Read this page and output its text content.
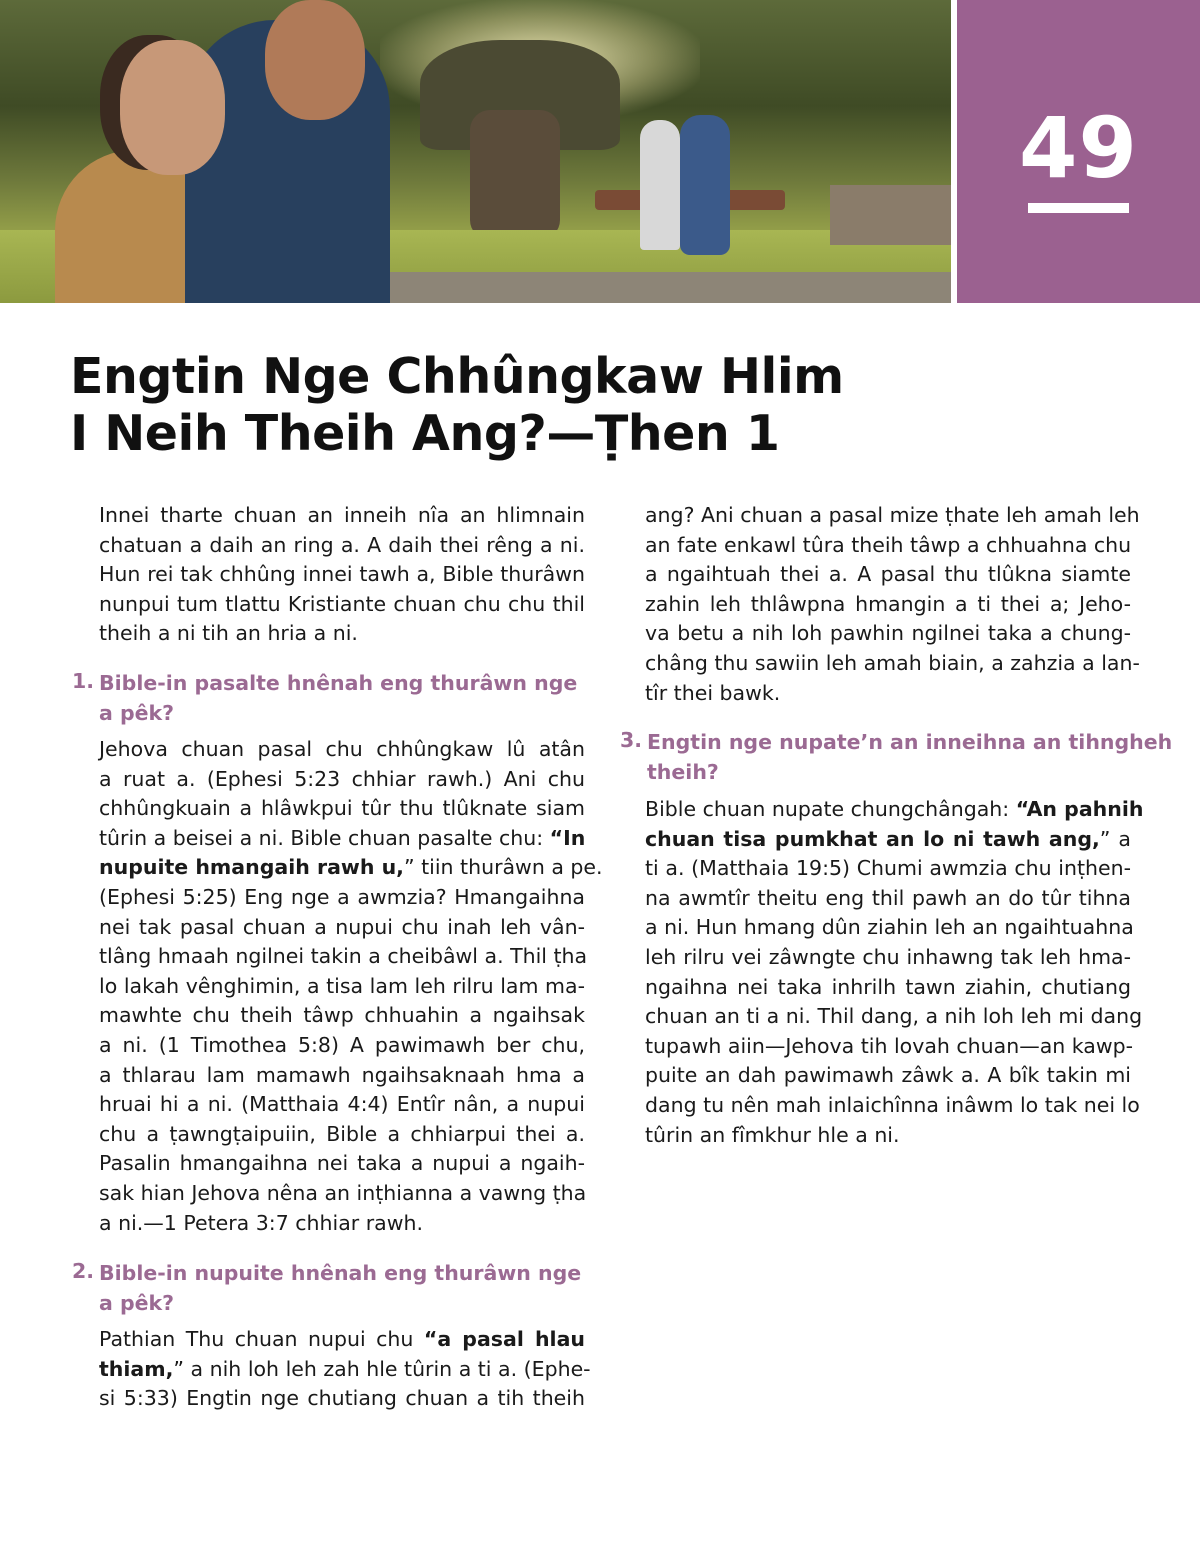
49
Engtin Nge Chhûngkaw Hlim
I Neih Theih Ang?—Ṭhen 1
Innei tharte chuan an inneih nîa an hlimnain
chatuan a daih an ring a. A daih thei rêng a ni.
Hun rei tak chhûng innei tawh a, Bible thurâwn
nunpui tum tlattu Kristiante chuan chu chu thil
theih a ni tih an hria a ni.
1. Bible-in pasalte hnênah eng thurâwn nge
a pêk?
Jehova chuan pasal chu chhûngkaw lû atân
a ruat a. (Ephesi 5:23 chhiar rawh.) Ani chu
chhûngkuain a hlâwkpui tûr thu tlûknate siam
tûrin a beisei a ni. Bible chuan pasalte chu: “In
nupuite hmangaih rawh u,” tiin thurâwn a pe.
(Ephesi 5:25) Eng nge a awmzia? Hmangaihna
nei tak pasal chuan a nupui chu inah leh vân-
tlâng hmaah ngilnei takin a cheibâwl a. Thil ṭha
lo lakah vênghimin, a tisa lam leh rilru lam ma-
mawhte chu theih tâwp chhuahin a ngaihsak
a ni. (1 Timothea 5:8) A pawimawh ber chu,
a thlarau lam mamawh ngaihsaknaah hma a
hruai hi a ni. (Matthaia 4:4) Entîr nân, a nupui
chu a ṭawngṭaipuiin, Bible a chhiarpui thei a.
Pasalin hmangaihna nei taka a nupui a ngaih-
sak hian Jehova nêna an inṭhianna a vawng ṭha
a ni.—1 Petera 3:7 chhiar rawh.
2. Bible-in nupuite hnênah eng thurâwn nge
a pêk?
Pathian Thu chuan nupui chu “a pasal hlau
thiam,” a nih loh leh zah hle tûrin a ti a. (Ephe-
si 5:33) Engtin nge chutiang chuan a tih theih
ang? Ani chuan a pasal mize ṭhate leh amah leh
an fate enkawl tûra theih tâwp a chhuahna chu
a ngaihtuah thei a. A pasal thu tlûkna siamte
zahin leh thlâwpna hmangin a ti thei a; Jeho-
va betu a nih loh pawhin ngilnei taka a chung-
châng thu sawiin leh amah biain, a zahzia a lan-
tîr thei bawk.
3. Engtin nge nupate’n an inneihna an tihngheh
theih?
Bible chuan nupate chungchângah: “An pahnih
chuan tisa pumkhat an lo ni tawh ang,” a
ti a. (Matthaia 19:5) Chumi awmzia chu inṭhen-
na awmtîr theitu eng thil pawh an do tûr tihna
a ni. Hun hmang dûn ziahin leh an ngaihtuahna
leh rilru vei zâwngte chu inhawng tak leh hma-
ngaihna nei taka inhrilh tawn ziahin, chutiang
chuan an ti a ni. Thil dang, a nih loh leh mi dang
tupawh aiin—Jehova tih lovah chuan—an kawp-
puite an dah pawimawh zâwk a. A bîk takin mi
dang tu nên mah inlaichînna inâwm lo tak nei lo
tûrin an fîmkhur hle a ni.
